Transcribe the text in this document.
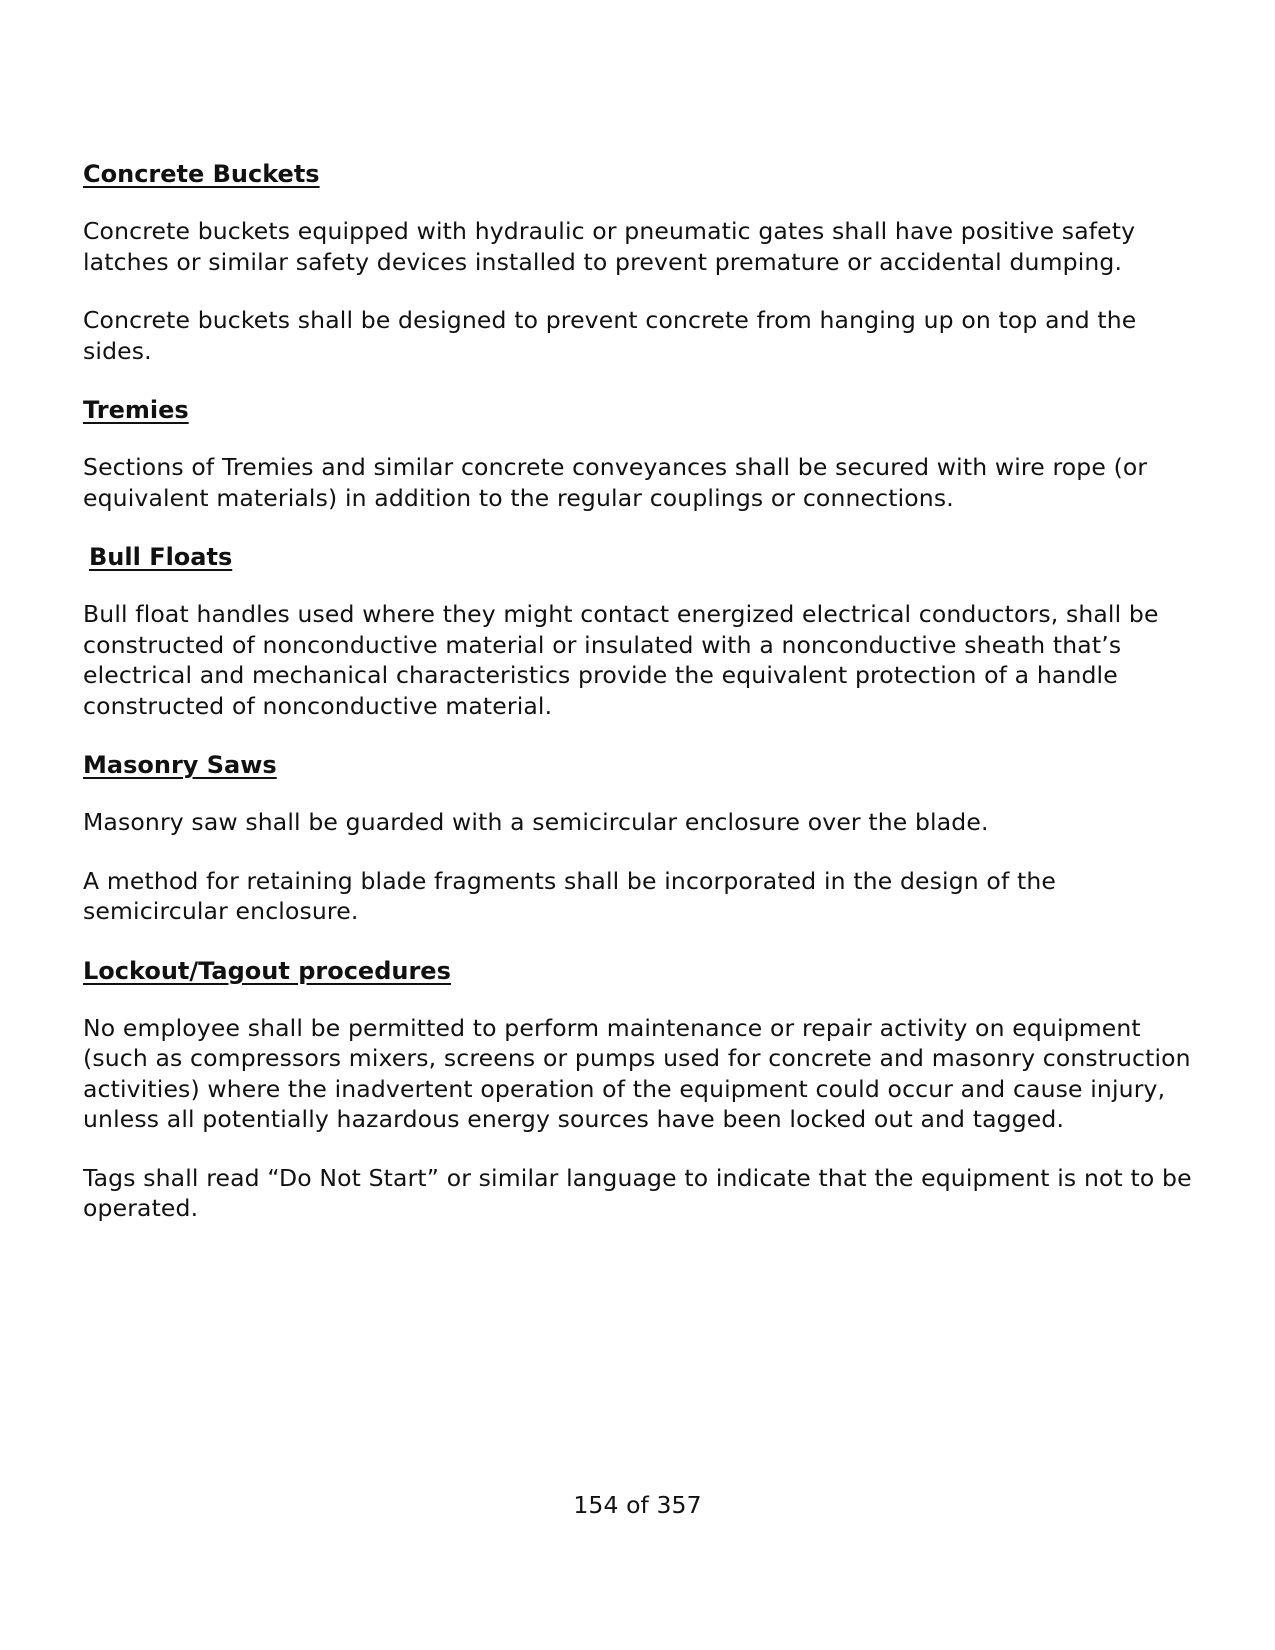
Concrete Buckets

Concrete buckets equipped with hydraulic or pneumatic gates shall have positive safety latches or similar safety devices installed to prevent premature or accidental dumping.

Concrete buckets shall be designed to prevent concrete from hanging up on top and the sides.

Tremies

Sections of Tremies and similar concrete conveyances shall be secured with wire rope (or equivalent materials) in addition to the regular couplings or connections.

Bull Floats

Bull float handles used where they might contact energized electrical conductors, shall be constructed of nonconductive material or insulated with a nonconductive sheath that’s electrical and mechanical characteristics provide the equivalent protection of a handle constructed of nonconductive material.

Masonry Saws

Masonry saw shall be guarded with a semicircular enclosure over the blade.

A method for retaining blade fragments shall be incorporated in the design of the semicircular enclosure.

Lockout/Tagout procedures

No employee shall be permitted to perform maintenance or repair activity on equipment (such as compressors mixers, screens or pumps used for concrete and masonry construction activities) where the inadvertent operation of the equipment could occur and cause injury, unless all potentially hazardous energy sources have been locked out and tagged.

Tags shall read “Do Not Start” or similar language to indicate that the equipment is not to be operated.

154 of 357
